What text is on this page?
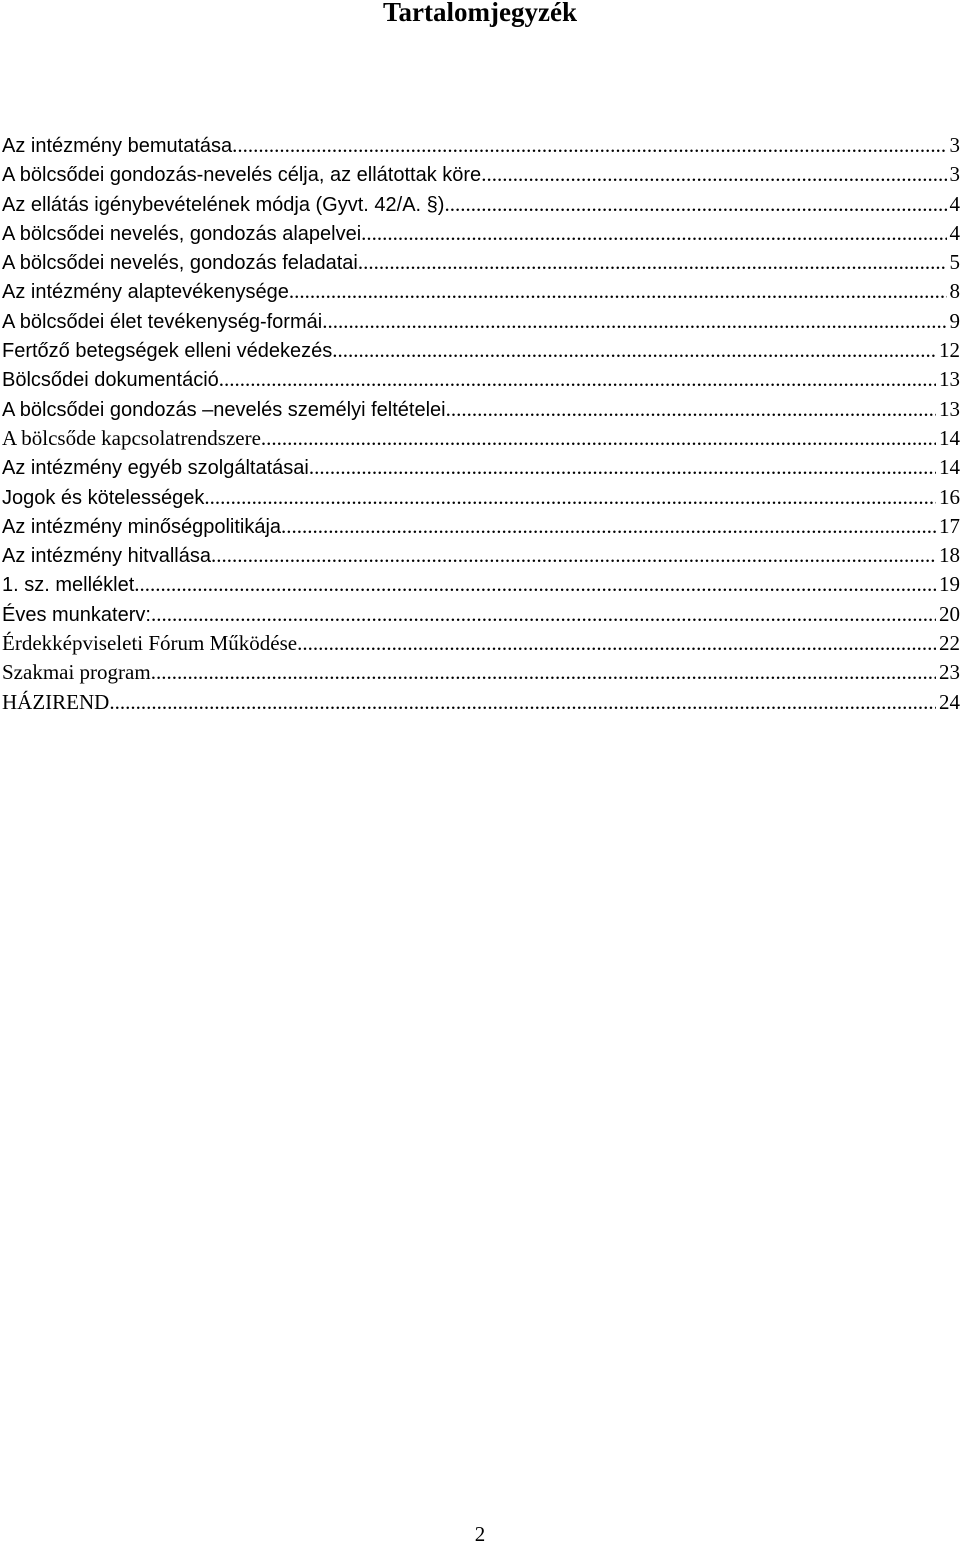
Tartalomjegyzék
Az intézmény bemutatása .....	3
A bölcsődei gondozás-nevelés célja, az ellátottak köre .....	3
Az ellátás igénybevételének módja (Gyvt. 42/A. §) .....	4
A bölcsődei nevelés, gondozás alapelvei .....	4
A bölcsődei nevelés, gondozás feladatai .....	5
Az intézmény alaptevékenysége .....	8
A bölcsődei élet tevékenység-formái .....	9
Fertőző betegségek elleni védekezés .....	12
Bölcsődei dokumentáció .....	13
A bölcsődei gondozás –nevelés személyi feltételei .....	13
A bölcsőde kapcsolatrendszere .....	14
Az intézmény egyéb szolgáltatásai .....	14
Jogok és kötelességek .....	16
Az intézmény minőségpolitikája .....	17
Az intézmény hitvallása .....	18
1. sz. melléklet .....	19
Éves munkaterv: .....	20
Érdekképviseleti Fórum Működése .....	22
Szakmai program .....	23
HÁZIREND .....	24
2
